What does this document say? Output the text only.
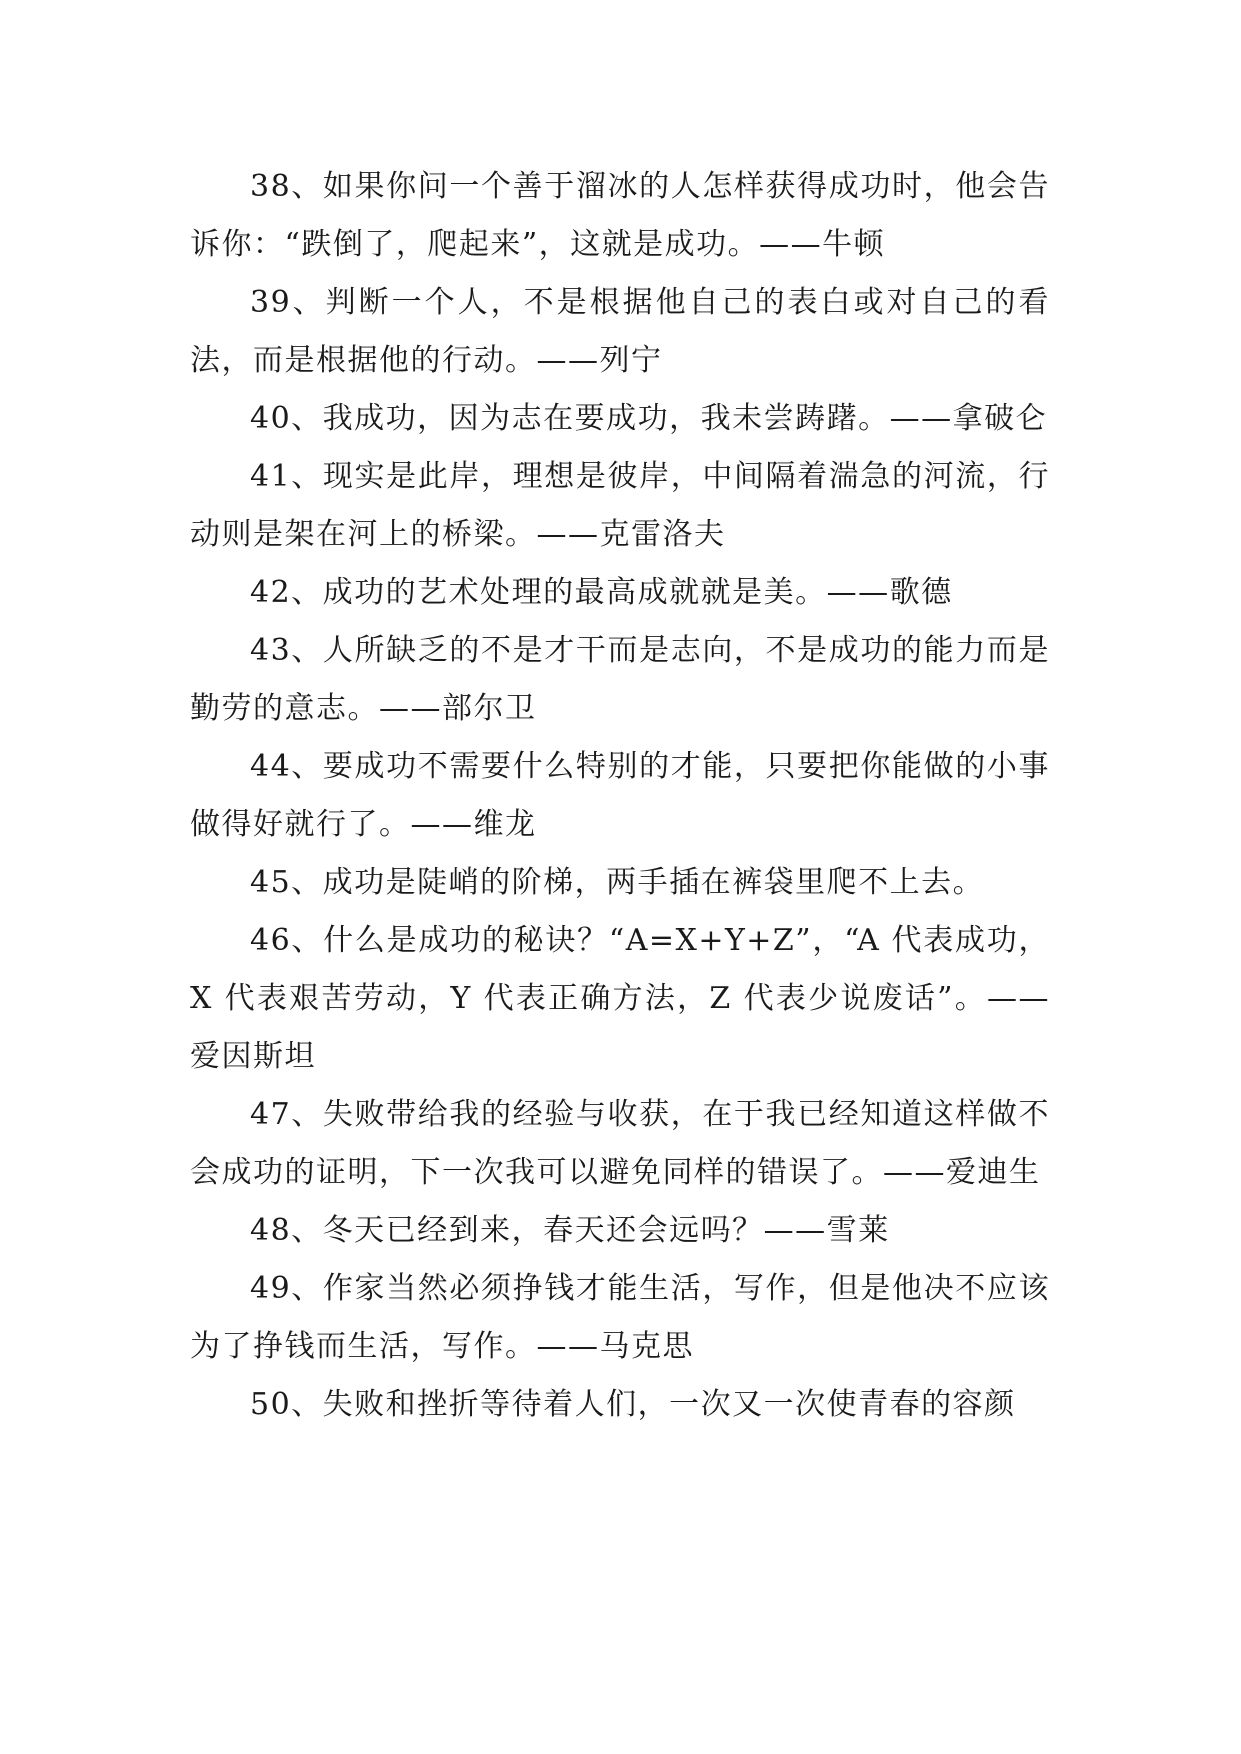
38、如果你问一个善于溜冰的人怎样获得成功时，他会告诉你：“跌倒了，爬起来”，这就是成功。——牛顿

39、判断一个人，不是根据他自己的表白或对自己的看法，而是根据他的行动。——列宁

40、我成功，因为志在要成功，我未尝踌躇。——拿破仑

41、现实是此岸，理想是彼岸，中间隔着湍急的河流，行动则是架在河上的桥梁。——克雷洛夫

42、成功的艺术处理的最高成就就是美。——歌德

43、人所缺乏的不是才干而是志向，不是成功的能力而是勤劳的意志。——部尔卫

44、要成功不需要什么特别的才能，只要把你能做的小事做得好就行了。——维龙

45、成功是陡峭的阶梯，两手插在裤袋里爬不上去。

46、什么是成功的秘诀？“A=X+Y+Z”，“A 代表成功，X 代表艰苦劳动，Y 代表正确方法，Z 代表少说废话”。——爱因斯坦

47、失败带给我的经验与收获，在于我已经知道这样做不会成功的证明，下一次我可以避免同样的错误了。——爱迪生

48、冬天已经到来，春天还会远吗？——雪莱

49、作家当然必须挣钱才能生活，写作，但是他决不应该为了挣钱而生活，写作。——马克思

50、失败和挫折等待着人们，一次又一次使青春的容颜
